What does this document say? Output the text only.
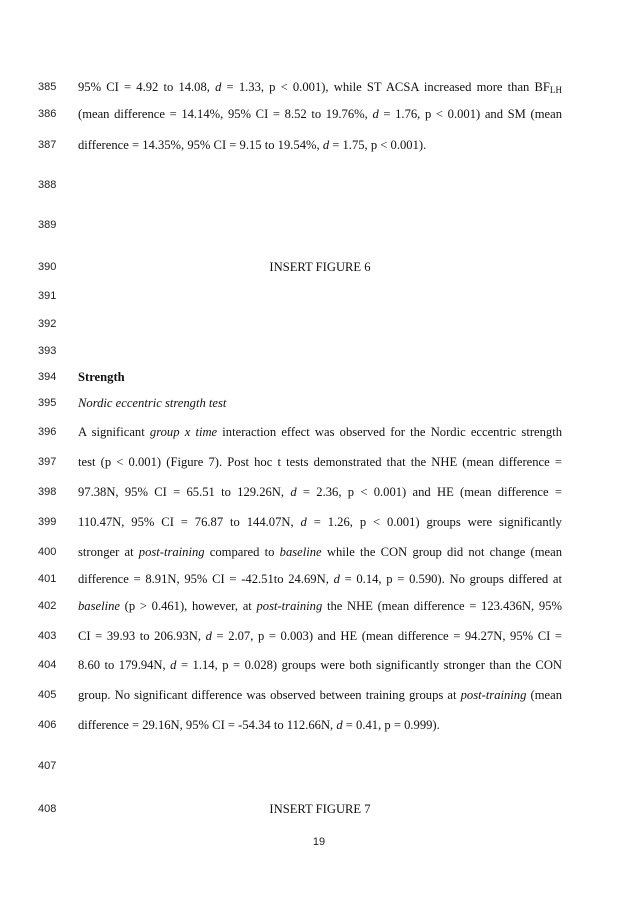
385 95% CI = 4.92 to 14.08, d = 1.33, p < 0.001), while ST ACSA increased more than $BF_{LH}$
386 (mean difference = 14.14%, 95% CI = 8.52 to 19.76%, d = 1.76, p < 0.001) and SM (mean
387 difference = 14.35%, 95% CI = 9.15 to 19.54%, d = 1.75, p < 0.001).
388
389
390	INSERT FIGURE 6
391
392
393
394 Strength
395 Nordic eccentric strength test
396 A significant group x time interaction effect was observed for the Nordic eccentric strength
397 test (p < 0.001) (Figure 7). Post hoc t tests demonstrated that the NHE (mean difference =
398 97.38N, 95% CI = 65.51 to 129.26N, d = 2.36, p < 0.001) and HE (mean difference =
399 110.47N, 95% CI = 76.87 to 144.07N, d = 1.26, p < 0.001) groups were significantly
400 stronger at post-training compared to baseline while the CON group did not change (mean
401 difference = 8.91N, 95% CI = -42.51to 24.69N, d = 0.14, p = 0.590). No groups differed at
402 baseline (p > 0.461), however, at post-training the NHE (mean difference = 123.436N, 95%
403 CI = 39.93 to 206.93N, d = 2.07, p = 0.003) and HE (mean difference = 94.27N, 95% CI =
404 8.60 to 179.94N, d = 1.14, p = 0.028) groups were both significantly stronger than the CON
405 group. No significant difference was observed between training groups at post-training (mean
406 difference = 29.16N, 95% CI = -54.34 to 112.66N, d = 0.41, p = 0.999).
407
408	INSERT FIGURE 7
19
